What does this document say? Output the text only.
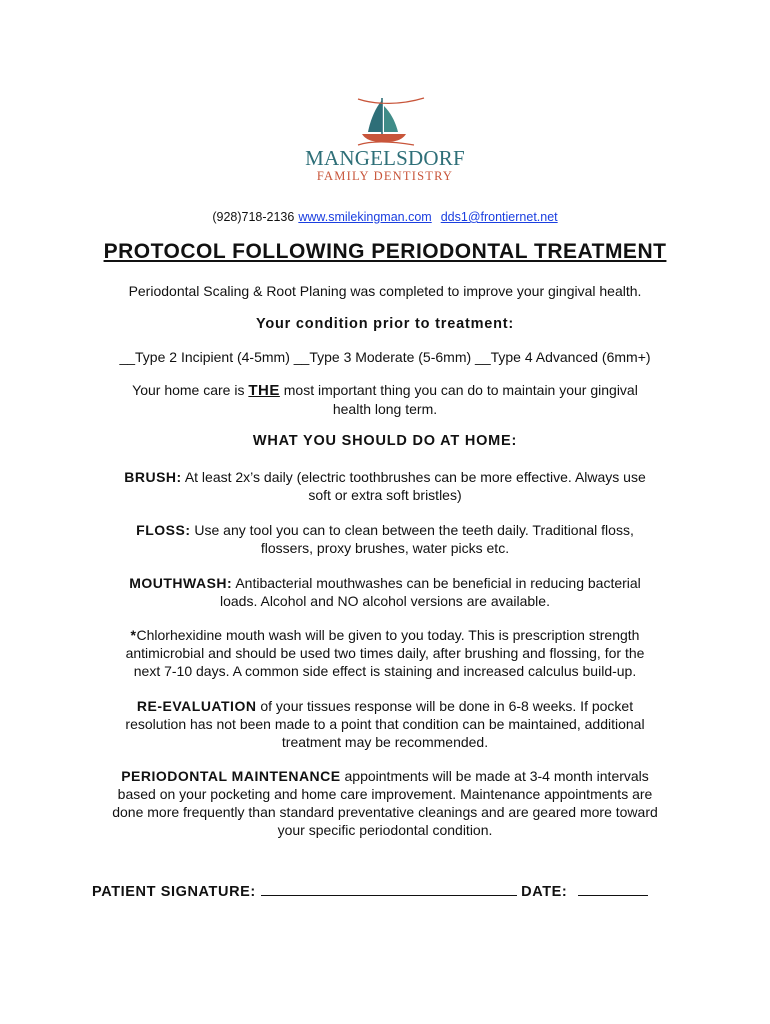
MANGELSDORF
FAMILY DENTISTRY
(928)718-2136 www.smilekingman.com dds1@frontiernet.net
PROTOCOL FOLLOWING PERIODONTAL TREATMENT
Periodontal Scaling & Root Planing was completed to improve your gingival health.
Your condition prior to treatment:
__Type 2 Incipient (4-5mm) __Type 3 Moderate (5-6mm) __Type 4 Advanced (6mm+)
Your home care is THE most important thing you can do to maintain your gingival
health long term.
WHAT YOU SHOULD DO AT HOME:
BRUSH: At least 2x’s daily (electric toothbrushes can be more effective. Always use
soft or extra soft bristles)
FLOSS: Use any tool you can to clean between the teeth daily. Traditional floss,
flossers, proxy brushes, water picks etc.
MOUTHWASH: Antibacterial mouthwashes can be beneficial in reducing bacterial
loads. Alcohol and NO alcohol versions are available.
*Chlorhexidine mouth wash will be given to you today. This is prescription strength
antimicrobial and should be used two times daily, after brushing and flossing, for the
next 7-10 days. A common side effect is staining and increased calculus build-up.
RE-EVALUATION of your tissues response will be done in 6-8 weeks. If pocket
resolution has not been made to a point that condition can be maintained, additional
treatment may be recommended.
PERIODONTAL MAINTENANCE appointments will be made at 3-4 month intervals
based on your pocketing and home care improvement. Maintenance appointments are
done more frequently than standard preventative cleanings and are geared more toward
your specific periodontal condition.
PATIENT SIGNATURE:	DATE:
